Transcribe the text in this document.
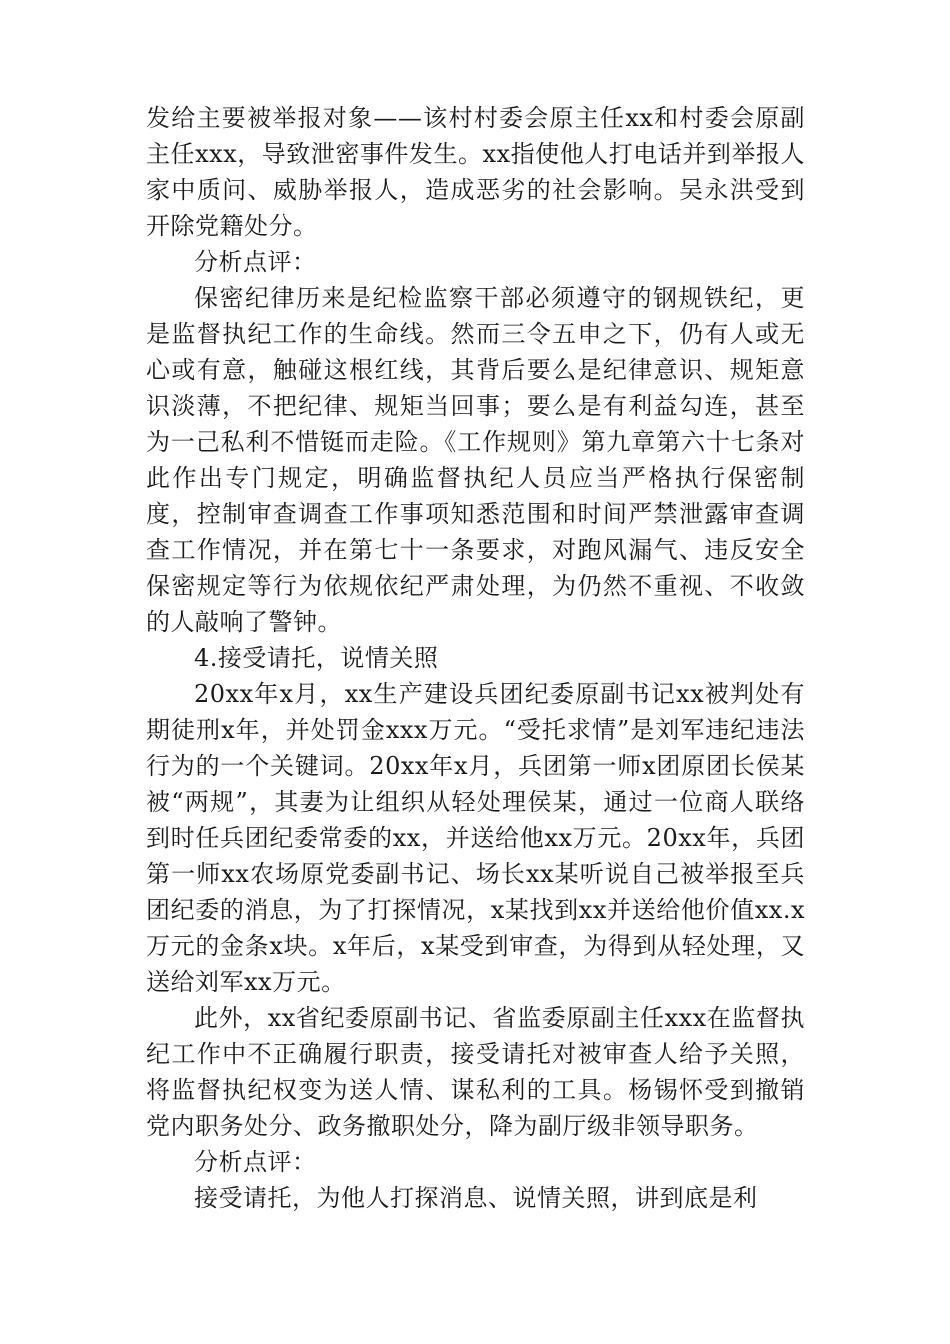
发给主要被举报对象——该村村委会原主任xx和村委会原副主任xxx，导致泄密事件发生。xx指使他人打电话并到举报人家中质问、威胁举报人，造成恶劣的社会影响。吴永洪受到开除党籍处分。

分析点评：

保密纪律历来是纪检监察干部必须遵守的钢规铁纪，更是监督执纪工作的生命线。然而三令五申之下，仍有人或无心或有意，触碰这根红线，其背后要么是纪律意识、规矩意识淡薄，不把纪律、规矩当回事；要么是有利益勾连，甚至为一己私利不惜铤而走险。《工作规则》第九章第六十七条对此作出专门规定，明确监督执纪人员应当严格执行保密制度，控制审查调查工作事项知悉范围和时间严禁泄露审查调查工作情况，并在第七十一条要求，对跑风漏气、违反安全保密规定等行为依规依纪严肃处理，为仍然不重视、不收敛的人敲响了警钟。

4.接受请托，说情关照

20xx年x月，xx生产建设兵团纪委原副书记xx被判处有期徒刑x年，并处罚金xxx万元。“受托求情”是刘军违纪违法行为的一个关键词。20xx年x月，兵团第一师x团原团长侯某被“两规”，其妻为让组织从轻处理侯某，通过一位商人联络到时任兵团纪委常委的xx，并送给他xx万元。20xx年，兵团第一师xx农场原党委副书记、场长xx某听说自己被举报至兵团纪委的消息，为了打探情况，x某找到xx并送给他价值xx.x万元的金条x块。x年后，x某受到审查，为得到从轻处理，又送给刘军xx万元。

此外，xx省纪委原副书记、省监委原副主任xxx在监督执纪工作中不正确履行职责，接受请托对被审查人给予关照，将监督执纪权变为送人情、谋私利的工具。杨锡怀受到撤销党内职务处分、政务撤职处分，降为副厅级非领导职务。

分析点评：

接受请托，为他人打探消息、说情关照，讲到底是利
